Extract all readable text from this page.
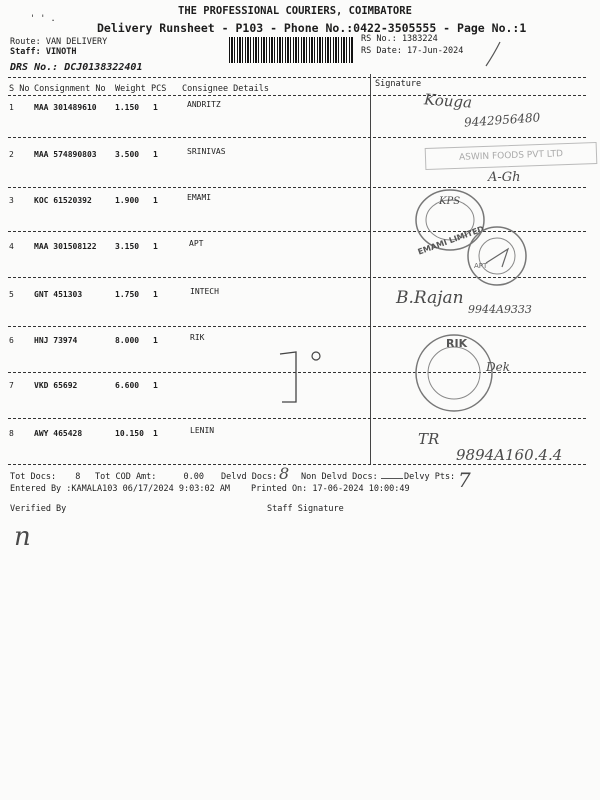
' ' .
THE PROFESSIONAL COURIERS, COIMBATORE
Delivery Runsheet - P103 - Phone No.:0422-3505555 - Page No.:1
Route: VAN DELIVERY
Staff: VINOTH
RS No.: 1383224
RS Date: 17-Jun-2024
DRS No.: DCJ0138322401
S No Consignment No Weight PCS Consignee Details	Signature
1	MAA 301489610 1.150 1	ANDRITZ
2	MAA 574890803 3.500 1	SRINIVAS
3	KOC 61520392	1.900 1	EMAMI
4	MAA 301508122 3.150 1	APT
5	GNT 451303	1.750 1	INTECH
6	HNJ 73974	8.000 1	RIK
7	VKD 65692	6.600 1
8	AWY 465428	10.150 1	LENIN
Kouga
9442956480
ASWIN FOODS PVT LTD
A-Gh
EMAMI LIMITED
KPS
APT
B.Rajan
9944A9333
RIK
Dek
TR
9894A160.4.4
Tot Docs: 8 Tot COD Amt:	0.00 Delvd Docs: 8 Non Delvd Docs:	Delvy Pts: 7
Entered By :KAMALA103 06/17/2024 9:03:02 AM Printed On: 17-06-2024 10:00:49
Verified By	Staff Signature
n
